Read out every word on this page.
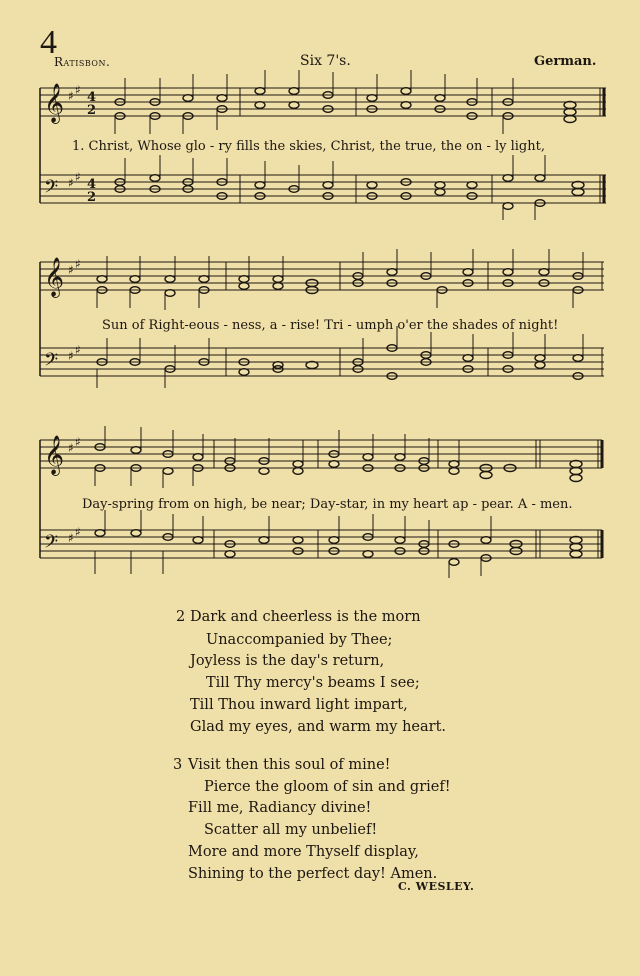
4
Ratisbon.	Six 7's.	German.
𝄞
𝄢
♯ ♯
♯ ♯
4
2
4
2
1. Christ, Whose glo - ry fills the skies, Christ, the true, the on - ly light,
𝄞
𝄢
♯ ♯
♯ ♯
Sun of Right-eous - ness, a - rise! Tri - umph o'er the shades of night!
𝄞
𝄢
♯ ♯
♯ ♯
Day-spring from on high, be near; Day-star, in my heart ap - pear. A - men.
2 Dark and cheerless is the morn
Unaccompanied by Thee;
Joyless is the day's return,
Till Thy mercy's beams I see;
Till Thou inward light impart,
Glad my eyes, and warm my heart.
3 Visit then this soul of mine!
Pierce the gloom of sin and grief!
Fill me, Radiancy divine!
Scatter all my unbelief!
More and more Thyself display,
Shining to the perfect day! Amen.
C. WESLEY.
